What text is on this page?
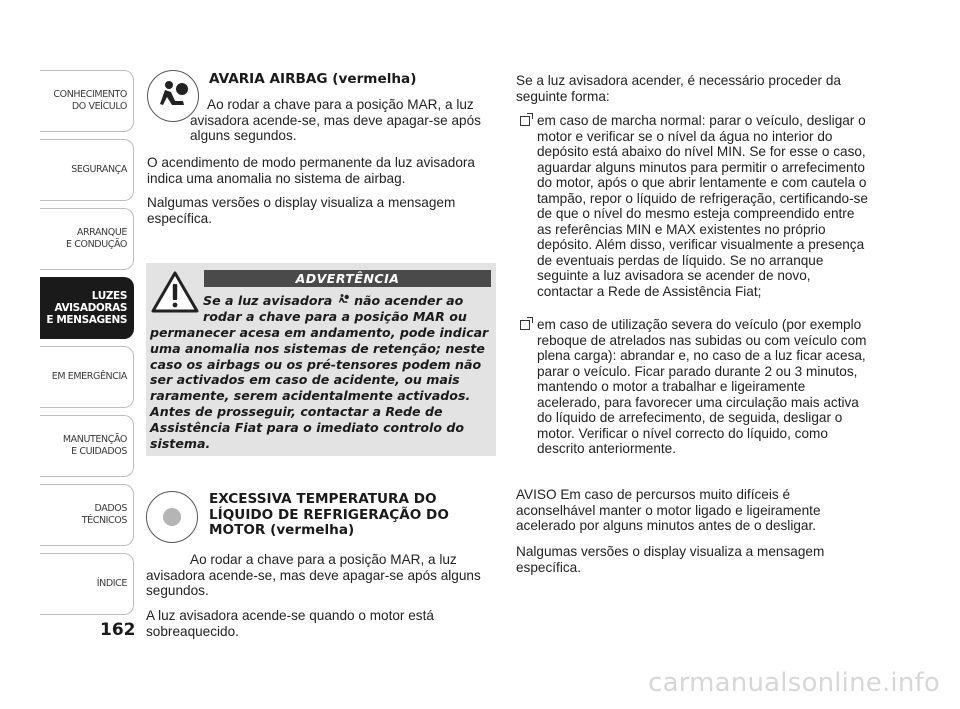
CONHECIMENTO
DO VEÍCULO
SEGURANÇA
ARRANQUE
E CONDUÇÃO
LUZES
AVISADORAS
E MENSAGENS
EM EMERGÊNCIA
MANUTENÇÃO
E CUIDADOS
DADOS
TÉCNICOS
ÍNDICE
162
AVARIA AIRBAG (vermelha)
Ao rodar a chave para a posição MAR, a luz avisadora acende-se, mas deve apagar-se após alguns segundos.
O acendimento de modo permanente da luz avisadora indica uma anomalia no sistema de airbag.
Nalgumas versões o display visualiza a mensagem específica.
ADVERTÊNCIA
Se a luz avisadora não acender ao rodar a chave para a posição MAR ou
permanecer acesa em andamento, pode indicar uma anomalia nos sistemas de retenção; neste caso os airbags ou os pré-tensores podem não ser activados em caso de acidente, ou mais raramente, serem acidentalmente activados. Antes de prosseguir, contactar a Rede de Assistência Fiat para o imediato controlo do sistema.
EXCESSIVA TEMPERATURA DO LÍQUIDO DE REFRIGERAÇÃO DO MOTOR (vermelha)
Ao rodar a chave para a posição MAR, a luz avisadora acende-se, mas deve apagar-se após alguns segundos.
A luz avisadora acende-se quando o motor está sobreaquecido.
Se a luz avisadora acender, é necessário proceder da seguinte forma:
em caso de marcha normal: parar o veículo, desligar o motor e verificar se o nível da água no interior do depósito está abaixo do nível MIN. Se for esse o caso, aguardar alguns minutos para permitir o arrefecimento do motor, após o que abrir lentamente e com cautela o tampão, repor o líquido de refrigeração, certificando-se de que o nível do mesmo esteja compreendido entre as referências MIN e MAX existentes no próprio depósito. Além disso, verificar visualmente a presença de eventuais perdas de líquido. Se no arranque seguinte a luz avisadora se acender de novo, contactar a Rede de Assistência Fiat;
em caso de utilização severa do veículo (por exemplo reboque de atrelados nas subidas ou com veículo com plena carga): abrandar e, no caso de a luz ficar acesa, parar o veículo. Ficar parado durante 2 ou 3 minutos, mantendo o motor a trabalhar e ligeiramente acelerado, para favorecer uma circulação mais activa do líquido de arrefecimento, de seguida, desligar o motor. Verificar o nível correcto do líquido, como descrito anteriormente.
AVISO Em caso de percursos muito difíceis é aconselhável manter o motor ligado e ligeiramente acelerado por alguns minutos antes de o desligar.
Nalgumas versões o display visualiza a mensagem específica.
carmanualsonline.info
